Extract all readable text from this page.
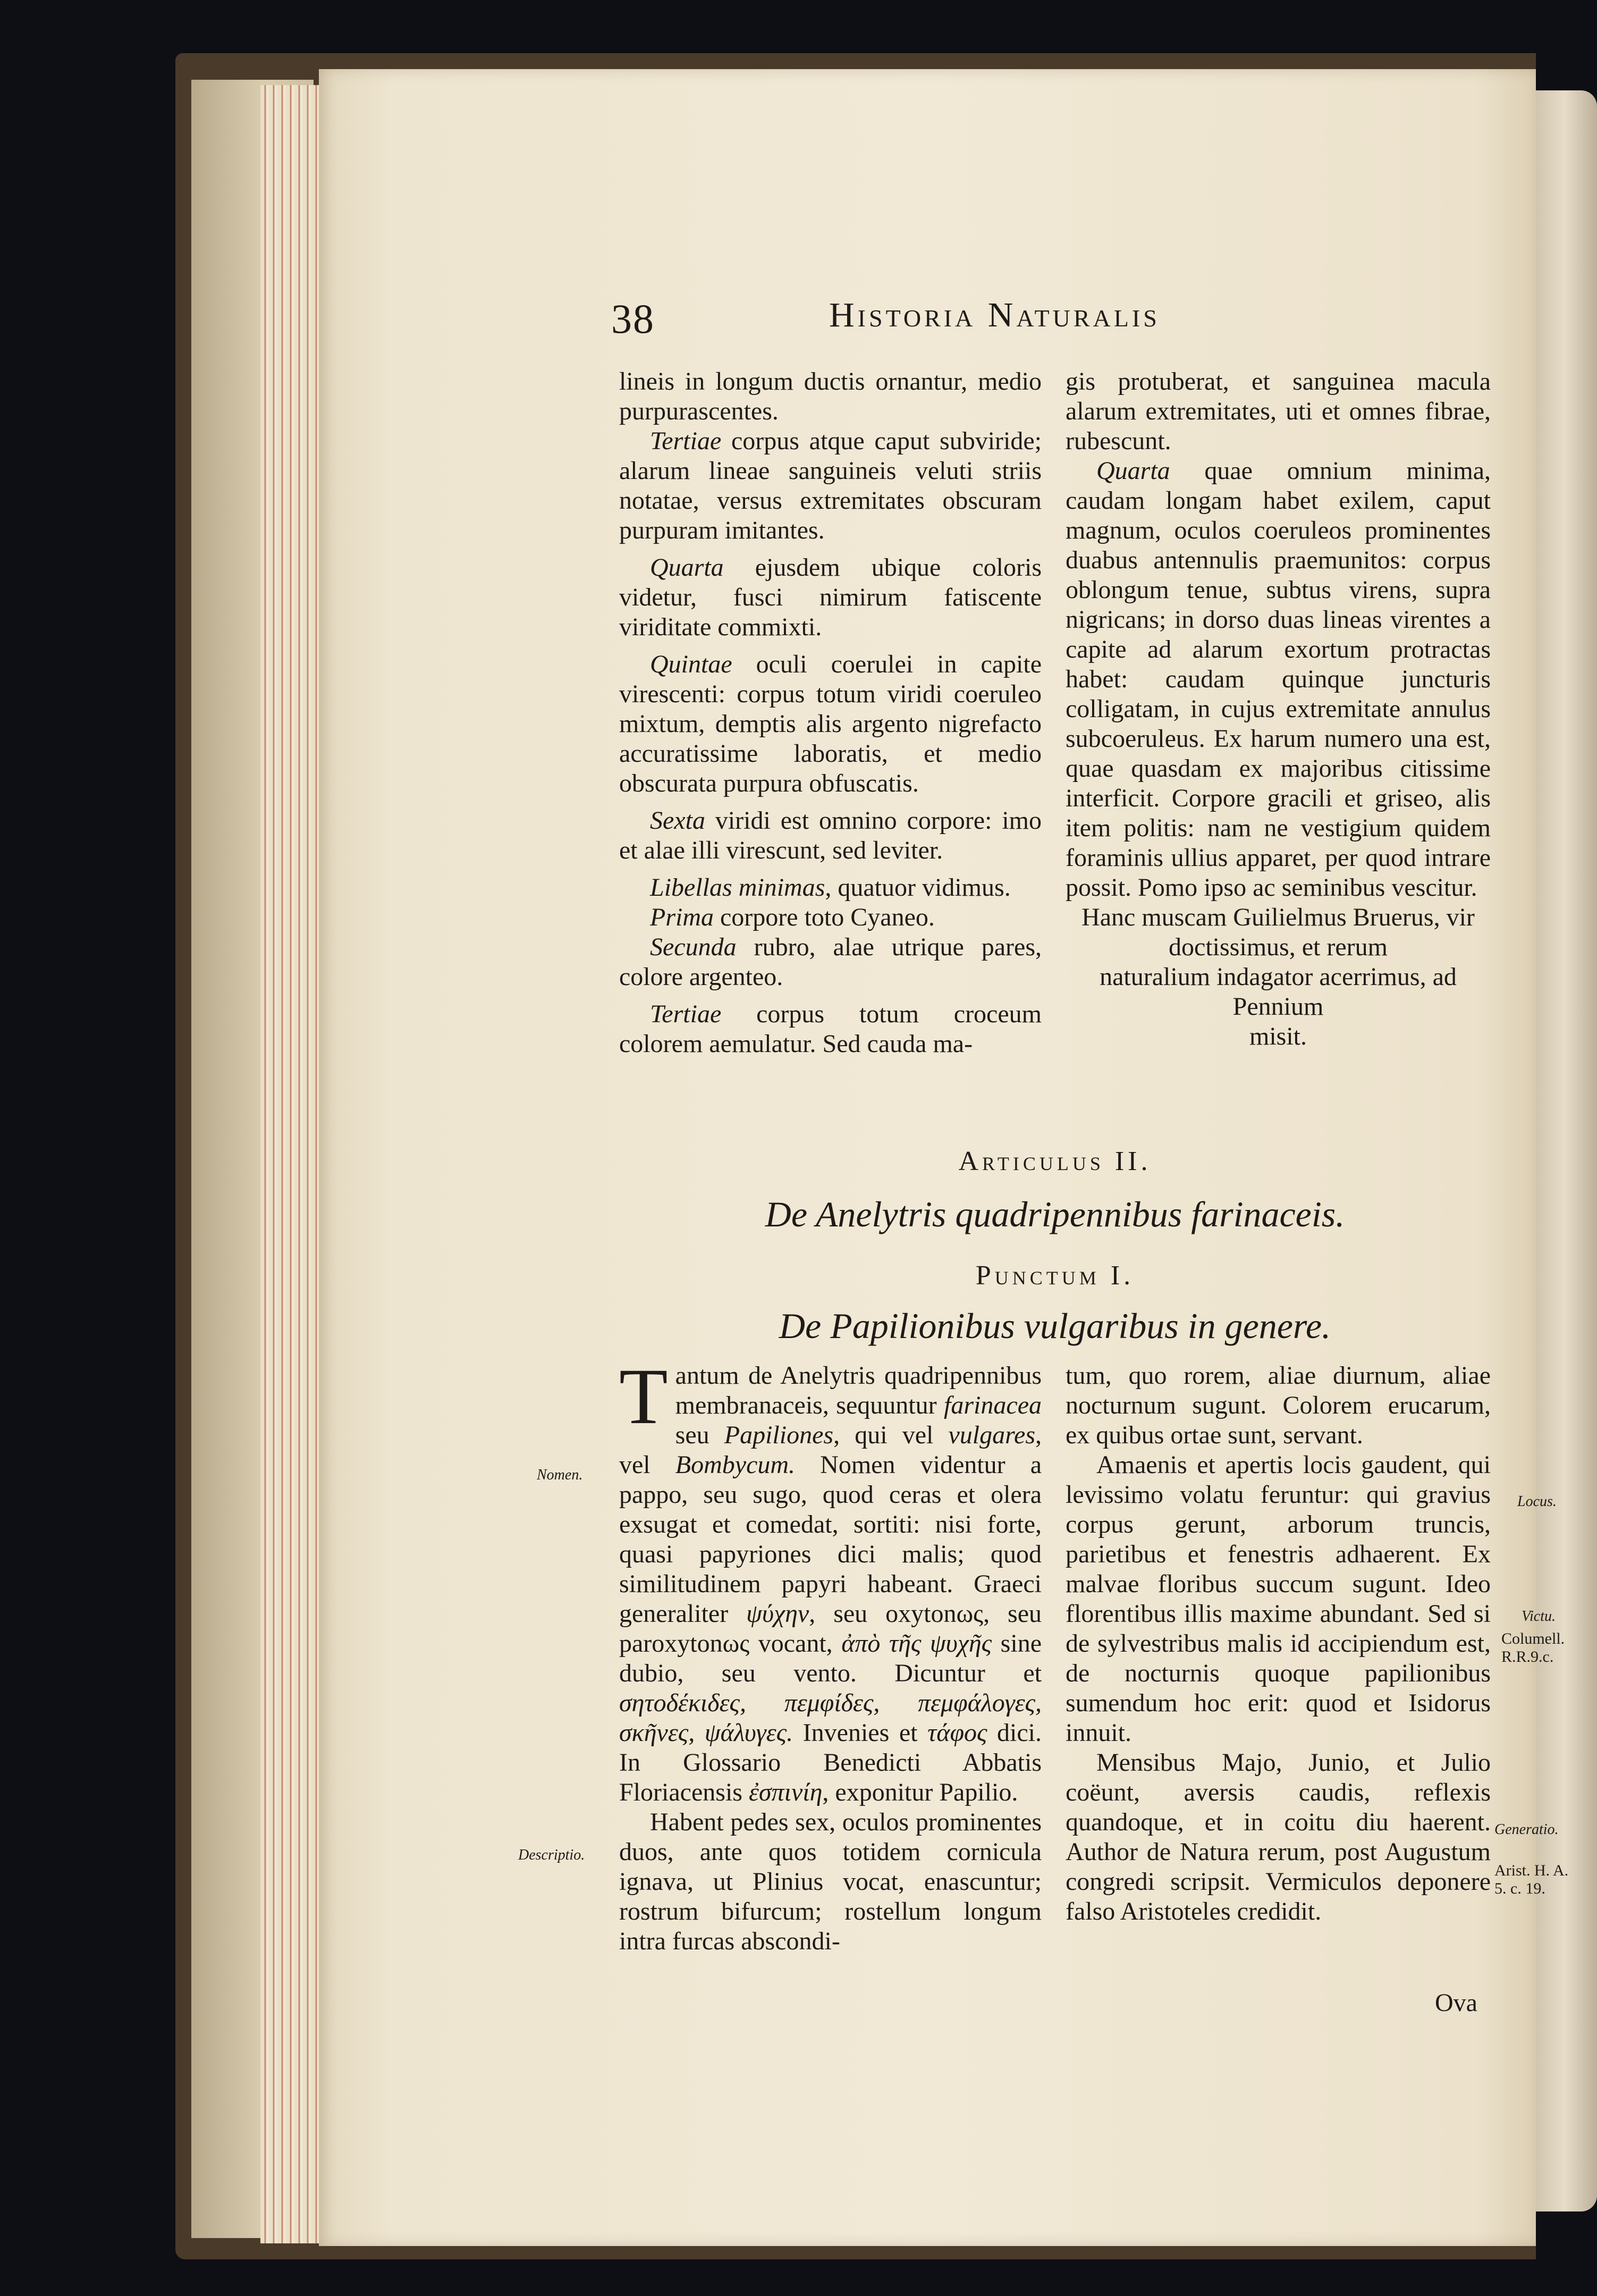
38	Historia Naturalis

lineis in longum ductis ornantur, medio purpurascentes.

Tertiae corpus atque caput subviride; alarum lineae sanguineis veluti striis notatae, versus extremitates obscuram purpuram imitantes.

Quarta ejusdem ubique coloris videtur, fusci nimirum fatiscente viriditate commixti.

Quintae oculi coerulei in capite virescenti: corpus totum viridi coeruleo mixtum, demptis alis argento nigrefacto accuratissime laboratis, et medio obscurata purpura obfuscatis.

Sexta viridi est omnino corpore: imo et alae illi virescunt, sed leviter.

Libellas minimas, quatuor vidimus.

Prima corpore toto Cyaneo.

Secunda rubro, alae utrique pares, colore argenteo.

Tertiae corpus totum croceum colorem aemulatur. Sed cauda ma-

gis protuberat, et sanguinea macula alarum extremitates, uti et omnes fibrae, rubescunt.

Quarta quae omnium minima, caudam longam habet exilem, caput magnum, oculos coeruleos prominentes duabus antennulis praemunitos: corpus oblongum tenue, subtus virens, supra nigricans; in dorso duas lineas virentes a capite ad alarum exortum protractas habet: caudam quinque juncturis colligatam, in cujus extremitate annulus subcoeruleus. Ex harum numero una est, quae quasdam ex majoribus citissime interficit. Corpore gracili et griseo, alis item politis: nam ne vestigium quidem foraminis ullius apparet, per quod intrare possit. Pomo ipso ac seminibus vescitur.

Hanc muscam Guilielmus Bruerus, vir doctissimus, et rerum

naturalium indagator acerrimus, ad Pennium

misit.

Articulus II.
De Anelytris quadripennibus farinaceis.
Punctum I.
De Papilionibus vulgaribus in genere.

Tantum de Anelytris quadripennibus membranaceis, sequuntur farinacea seu Papiliones, qui vel vulgares, vel Bombycum. Nomen videntur a pappo, seu sugo, quod ceras et olera exsugat et comedat, sortiti: nisi forte, quasi papyriones dici malis; quod similitudinem papyri habeant. Graeci generaliter ψύχην, seu oxytonως, seu paroxytonως vocant, ἀπὸ τῆς ψυχῆς sine dubio, seu vento. Dicuntur et σητοδέκιδες, πεμφίδες, πεμφάλογες, σκῆνες, ψάλυγες. Invenies et τάφος dici. In Glossario Benedicti Abbatis Floriacensis ἐσπινίη, exponitur Papilio.

Habent pedes sex, oculos prominentes duos, ante quos totidem cornicula ignava, ut Plinius vocat, enascuntur; rostrum bifurcum; rostellum longum intra furcas abscondi-

tum, quo rorem, aliae diurnum, aliae nocturnum sugunt. Colorem erucarum, ex quibus ortae sunt, servant.

Amaenis et apertis locis gaudent, qui levissimo volatu feruntur: qui gravius corpus gerunt, arborum truncis, parietibus et fenestris adhaerent. Ex malvae floribus succum sugunt. Ideo florentibus illis maxime abundant. Sed si de sylvestribus malis id accipiendum est, de nocturnis quoque papilionibus sumendum hoc erit: quod et Isidorus innuit.

Mensibus Majo, Junio, et Julio coëunt, aversis caudis, reflexis quandoque, et in coitu diu haerent. Author de Natura rerum, post Augustum congredi scripsit. Vermiculos deponere falso Aristoteles credidit.

Ova
Nomen.
Descriptio.
Locus.
Victu.
Columell.
R.R.9.c.
Generatio.
Arist. H. A.
5. c. 19.
